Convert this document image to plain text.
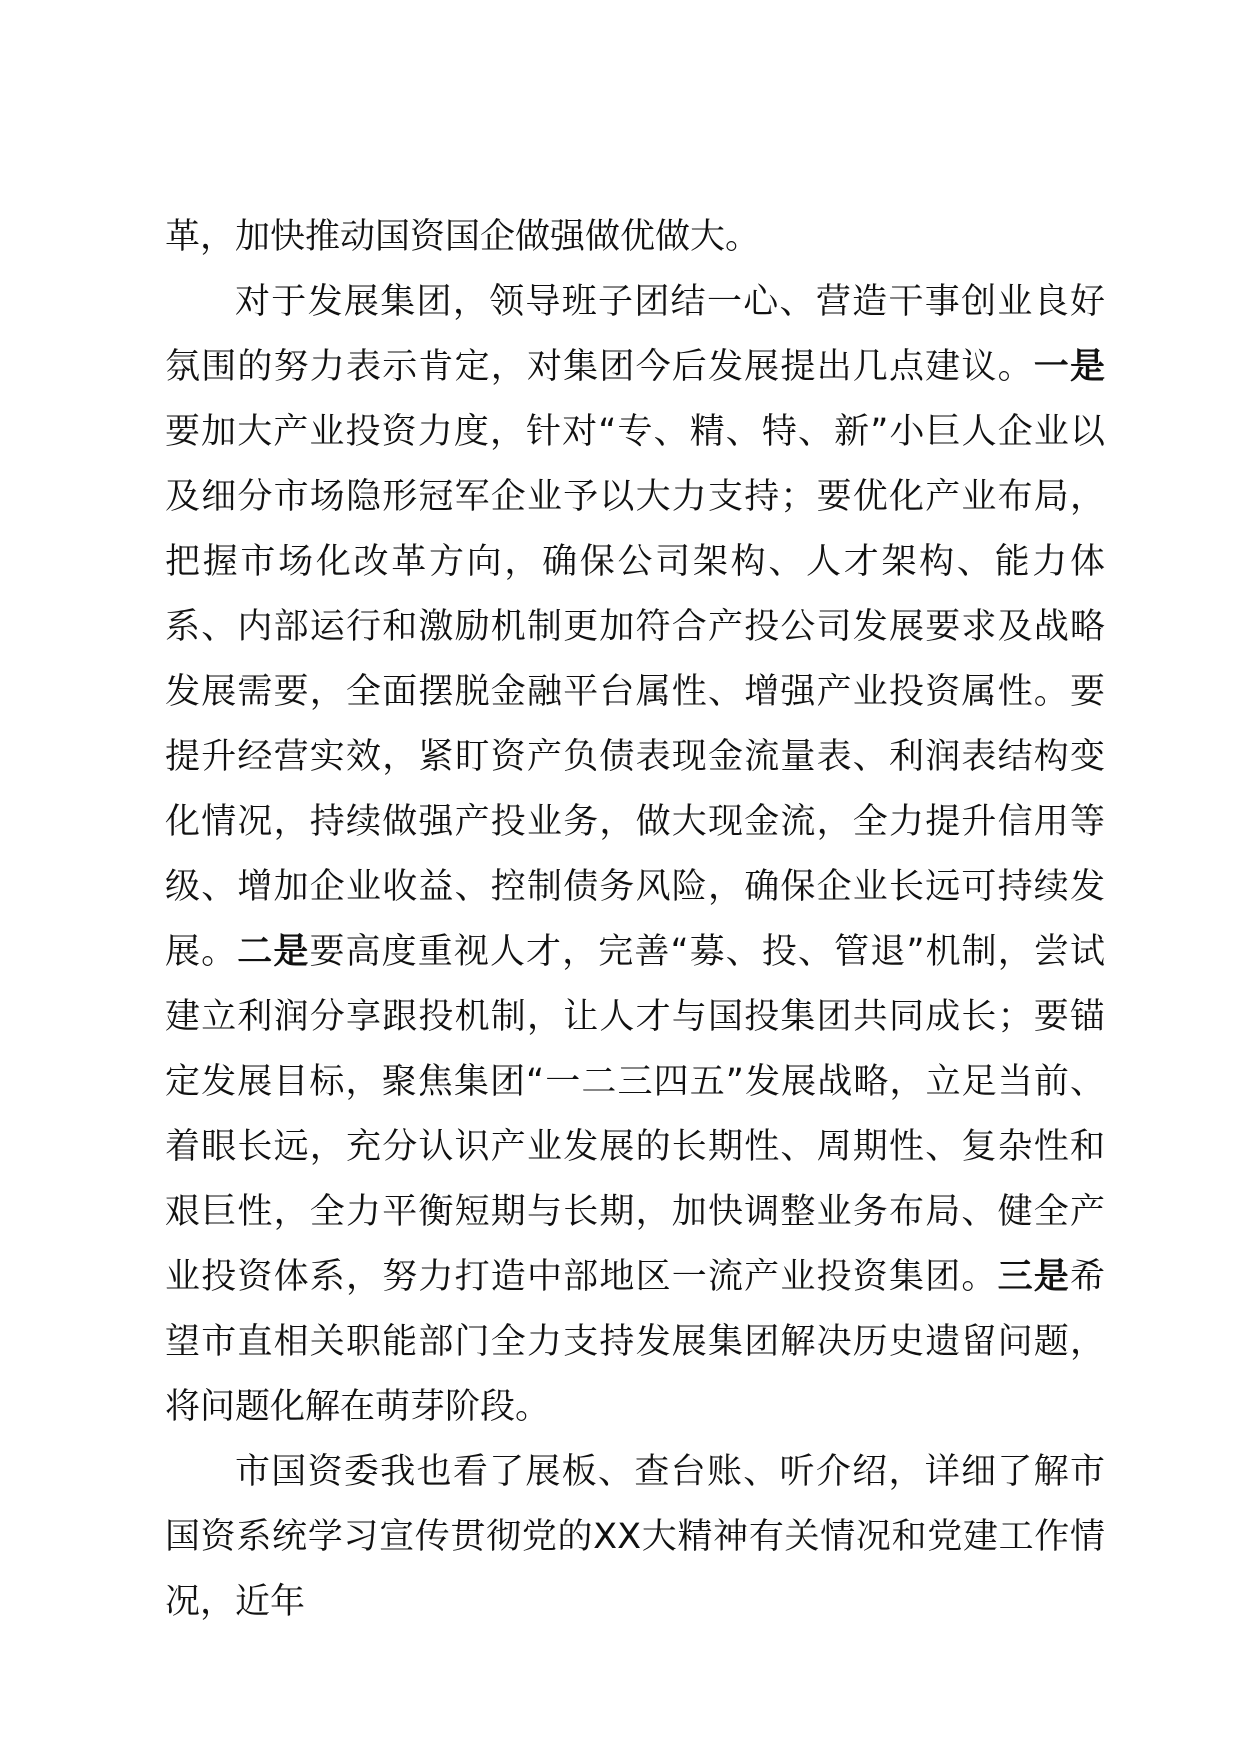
革，加快推动国资国企做强做优做大。

对于发展集团，领导班子团结一心、营造干事创业良好氛围的努力表示肯定，对集团今后发展提出几点建议。一是要加大产业投资力度，针对“专、精、特、新”小巨人企业以及细分市场隐形冠军企业予以大力支持；要优化产业布局，把握市场化改革方向，确保公司架构、人才架构、能力体系、内部运行和激励机制更加符合产投公司发展要求及战略发展需要，全面摆脱金融平台属性、增强产业投资属性。要提升经营实效，紧盯资产负债表现金流量表、利润表结构变化情况，持续做强产投业务，做大现金流，全力提升信用等级、增加企业收益、控制债务风险，确保企业长远可持续发展。二是要高度重视人才，完善“募、投、管退”机制，尝试建立利润分享跟投机制，让人才与国投集团共同成长；要锚定发展目标，聚焦集团“一二三四五”发展战略，立足当前、着眼长远，充分认识产业发展的长期性、周期性、复杂性和艰巨性，全力平衡短期与长期，加快调整业务布局、健全产业投资体系，努力打造中部地区一流产业投资集团。三是希望市直相关职能部门全力支持发展集团解决历史遗留问题，将问题化解在萌芽阶段。

市国资委我也看了展板、查台账、听介绍，详细了解市国资系统学习宣传贯彻党的XX大精神有关情况和党建工作情况，近年
